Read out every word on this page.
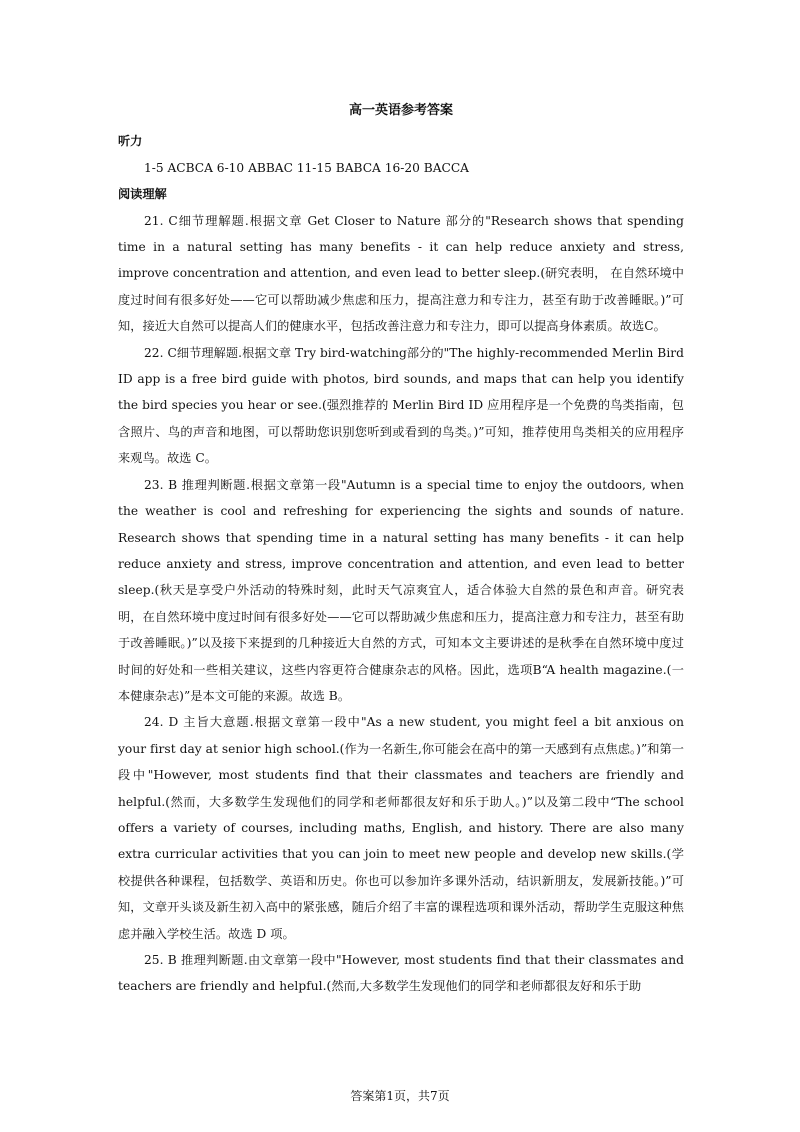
高一英语参考答案

听力

1-5 ACBCA 6-10 ABBAC 11-15 BABCA 16-20 BACCA

阅读理解

21. C细节理解题.根据文章 Get Closer to Nature 部分的"Research shows that spending time in a natural setting has many benefits - it can help reduce anxiety and stress, improve concentration and attention, and even lead to better sleep.(研究表明， 在自然环境中度过时间有很多好处——它可以帮助减少焦虑和压力，提高注意力和专注力，甚至有助于改善睡眠。)”可知，接近大自然可以提高人们的健康水平，包括改善注意力和专注力，即可以提高身体素质。故选C。

22. C细节理解题.根据文章 Try bird-watching部分的"The highly-recommended Merlin Bird ID app is a free bird guide with photos, bird sounds, and maps that can help you identify the bird species you hear or see.(强烈推荐的 Merlin Bird ID 应用程序是一个免费的鸟类指南，包含照片、鸟的声音和地图，可以帮助您识别您听到或看到的鸟类。)”可知，推荐使用鸟类相关的应用程序来观鸟。故选 C。

23. B 推理判断题.根据文章第一段"Autumn is a special time to enjoy the outdoors, when the weather is cool and refreshing for experiencing the sights and sounds of nature. Research shows that spending time in a natural setting has many benefits - it can help reduce anxiety and stress, improve concentration and attention, and even lead to better sleep.(秋天是享受户外活动的特殊时刻，此时天气凉爽宜人，适合体验大自然的景色和声音。研究表明，在自然环境中度过时间有很多好处——它可以帮助减少焦虑和压力，提高注意力和专注力，甚至有助于改善睡眠。)”以及接下来提到的几种接近大自然的方式，可知本文主要讲述的是秋季在自然环境中度过时间的好处和一些相关建议，这些内容更符合健康杂志的风格。因此，选项B“A health magazine.(一本健康杂志)”是本文可能的来源。故选 B。

24. D 主旨大意题.根据文章第一段中"As a new student, you might feel a bit anxious on your first day at senior high school.(作为一名新生,你可能会在高中的第一天感到有点焦虑。)”和第一段中"However, most students find that their classmates and teachers are friendly and helpful.(然而，大多数学生发现他们的同学和老师都很友好和乐于助人。)”以及第二段中“The school offers a variety of courses, including maths, English, and history. There are also many extra curricular activities that you can join to meet new people and develop new skills.(学校提供各种课程，包括数学、英语和历史。你也可以参加许多课外活动，结识新朋友，发展新技能。)”可知，文章开头谈及新生初入高中的紧张感，随后介绍了丰富的课程选项和课外活动，帮助学生克服这种焦虑并融入学校生活。故选 D 项。

25. B 推理判断题.由文章第一段中"However, most students find that their classmates and teachers are friendly and helpful.(然而,大多数学生发现他们的同学和老师都很友好和乐于助

答案第1页，共7页
